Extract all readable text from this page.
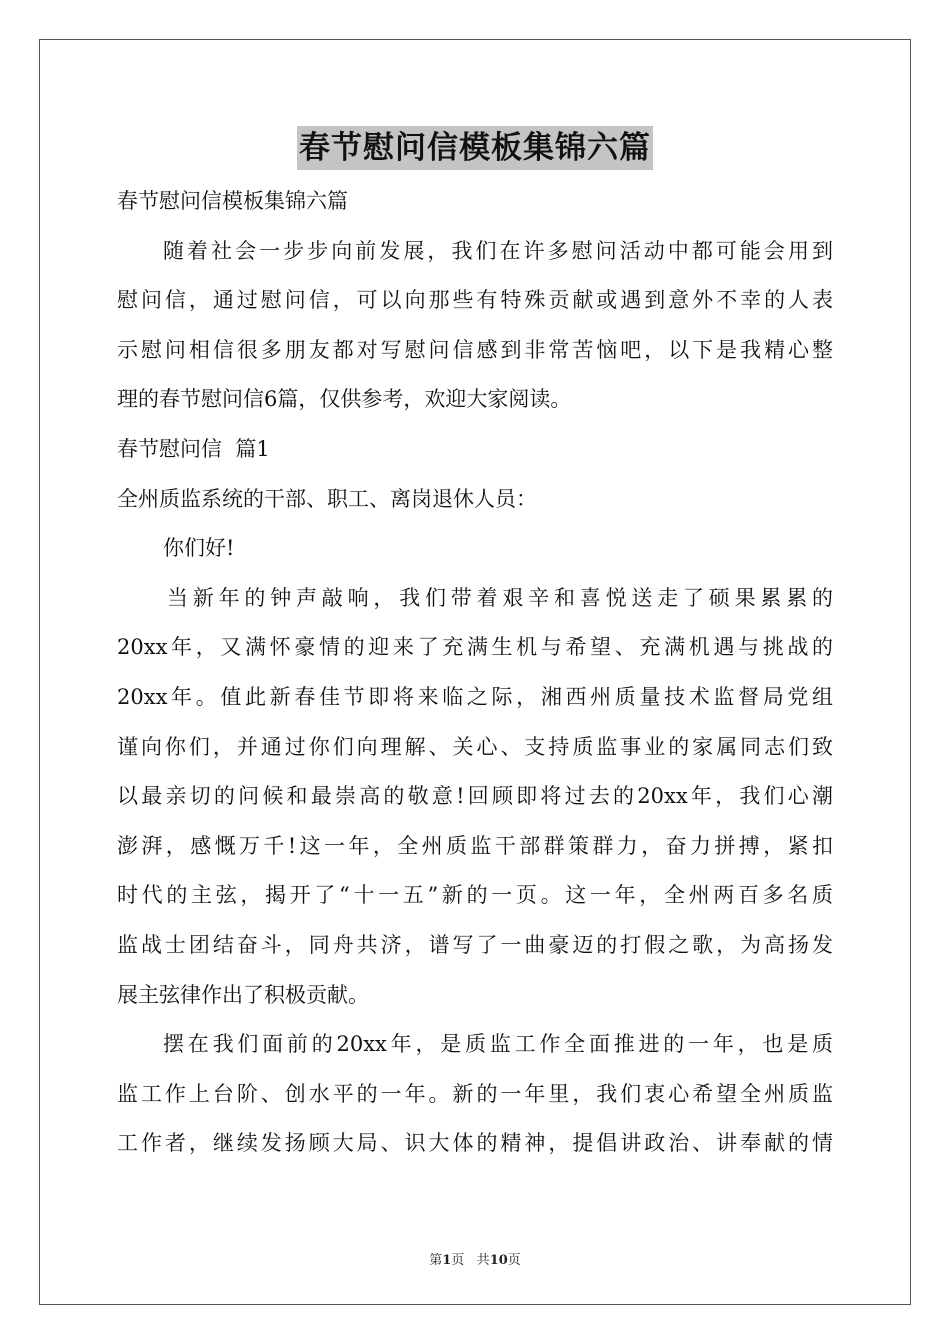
春节慰问信模板集锦六篇
春节慰问信模板集锦六篇
随着社会一步步向前发展，我们在许多慰问活动中都可能会用到
慰问信，通过慰问信，可以向那些有特殊贡献或遇到意外不幸的人表
示慰问相信很多朋友都对写慰问信感到非常苦恼吧，以下是我精心整
理的春节慰问信6篇，仅供参考，欢迎大家阅读。
春节慰问信  篇1
全州质监系统的干部、职工、离岗退休人员：
你们好!
当新年的钟声敲响，我们带着艰辛和喜悦送走了硕果累累的
20xx年，又满怀豪情的迎来了充满生机与希望、充满机遇与挑战的
20xx年。值此新春佳节即将来临之际，湘西州质量技术监督局党组
谨向你们，并通过你们向理解、关心、支持质监事业的家属同志们致
以最亲切的问候和最崇高的敬意!回顾即将过去的20xx年，我们心潮
澎湃，感慨万千!这一年，全州质监干部群策群力，奋力拼搏，紧扣
时代的主弦，揭开了“十一五”新的一页。这一年，全州两百多名质
监战士团结奋斗，同舟共济，谱写了一曲豪迈的打假之歌，为高扬发
展主弦律作出了积极贡献。
摆在我们面前的20xx年，是质监工作全面推进的一年，也是质
监工作上台阶、创水平的一年。新的一年里，我们衷心希望全州质监
工作者，继续发扬顾大局、识大体的精神，提倡讲政治、讲奉献的情
第1页 共10页
